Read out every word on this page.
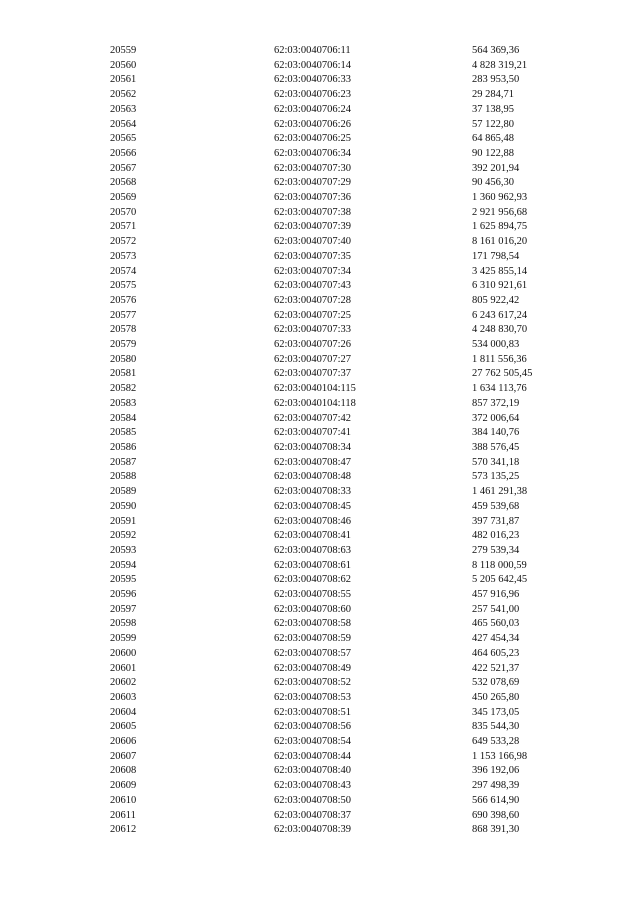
20559	62:03:0040706:11	564 369,36
20560	62:03:0040706:14	4 828 319,21
20561	62:03:0040706:33	283 953,50
20562	62:03:0040706:23	29 284,71
20563	62:03:0040706:24	37 138,95
20564	62:03:0040706:26	57 122,80
20565	62:03:0040706:25	64 865,48
20566	62:03:0040706:34	90 122,88
20567	62:03:0040707:30	392 201,94
20568	62:03:0040707:29	90 456,30
20569	62:03:0040707:36	1 360 962,93
20570	62:03:0040707:38	2 921 956,68
20571	62:03:0040707:39	1 625 894,75
20572	62:03:0040707:40	8 161 016,20
20573	62:03:0040707:35	171 798,54
20574	62:03:0040707:34	3 425 855,14
20575	62:03:0040707:43	6 310 921,61
20576	62:03:0040707:28	805 922,42
20577	62:03:0040707:25	6 243 617,24
20578	62:03:0040707:33	4 248 830,70
20579	62:03:0040707:26	534 000,83
20580	62:03:0040707:27	1 811 556,36
20581	62:03:0040707:37	27 762 505,45
20582	62:03:0040104:115	1 634 113,76
20583	62:03:0040104:118	857 372,19
20584	62:03:0040707:42	372 006,64
20585	62:03:0040707:41	384 140,76
20586	62:03:0040708:34	388 576,45
20587	62:03:0040708:47	570 341,18
20588	62:03:0040708:48	573 135,25
20589	62:03:0040708:33	1 461 291,38
20590	62:03:0040708:45	459 539,68
20591	62:03:0040708:46	397 731,87
20592	62:03:0040708:41	482 016,23
20593	62:03:0040708:63	279 539,34
20594	62:03:0040708:61	8 118 000,59
20595	62:03:0040708:62	5 205 642,45
20596	62:03:0040708:55	457 916,96
20597	62:03:0040708:60	257 541,00
20598	62:03:0040708:58	465 560,03
20599	62:03:0040708:59	427 454,34
20600	62:03:0040708:57	464 605,23
20601	62:03:0040708:49	422 521,37
20602	62:03:0040708:52	532 078,69
20603	62:03:0040708:53	450 265,80
20604	62:03:0040708:51	345 173,05
20605	62:03:0040708:56	835 544,30
20606	62:03:0040708:54	649 533,28
20607	62:03:0040708:44	1 153 166,98
20608	62:03:0040708:40	396 192,06
20609	62:03:0040708:43	297 498,39
20610	62:03:0040708:50	566 614,90
20611	62:03:0040708:37	690 398,60
20612	62:03:0040708:39	868 391,30
